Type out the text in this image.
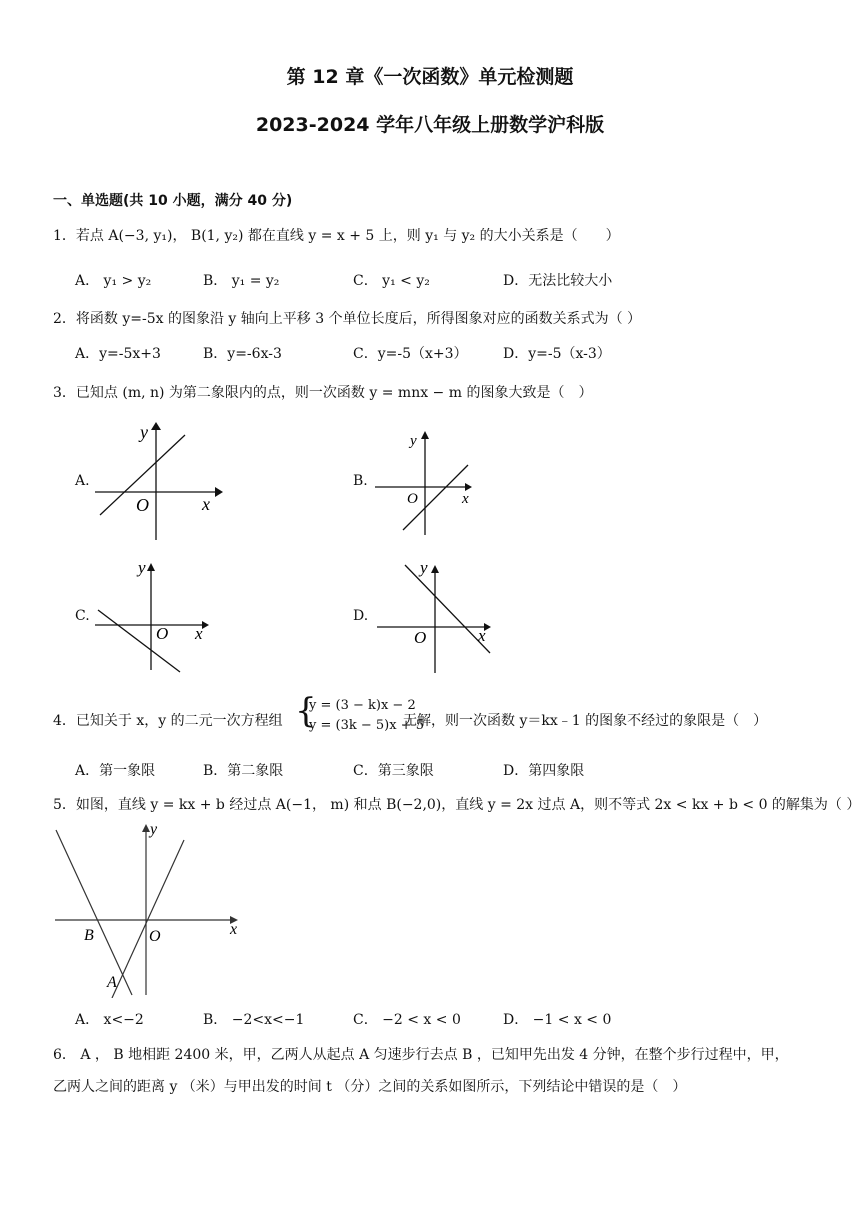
第 12 章《一次函数》单元检测题
2023-2024 学年八年级上册数学沪科版
一、单选题(共 10 小题，满分 40 分)
1．若点 A(−3, y₁)， B(1, y₂) 都在直线 y = x + 5 上，则 y₁ 与 y₂ 的大小关系是（　　）
A． y₁ > y₂	B． y₁ = y₂	C． y₁ < y₂	D．无法比较大小
2．将函数 y=-5x 的图象沿 y 轴向上平移 3 个单位长度后，所得图象对应的函数关系式为（ ）
A．y=-5x+3	B．y=-6x-3	C．y=-5（x+3）	D．y=-5（x-3）
3．已知点 (m, n) 为第二象限内的点，则一次函数 y = mnx − m 的图象大致是（　）
A.
x
y
O
B.
x
y
O
C.
x
y
O
D.
x
y
O
4．已知关于 x，y 的二元一次方程组 {
y = (3 − k)x − 2
y = (3k − 5)x + 5
无解，则一次函数 y＝kx﹣1 的图象不经过的象限是（　）
A．第一象限	B．第二象限	C．第三象限	D．第四象限
5．如图，直线 y = kx + b 经过点 A(−1， m) 和点 B(−2,0)，直线 y = 2x 过点 A，则不等式 2x < kx + b < 0 的解集为（ ）
x
y
O
B
A
A． x<−2	B． −2<x<−1	C． −2 < x < 0	D． −1 < x < 0
6． A ， B 地相距 2400 米，甲，乙两人从起点 A 匀速步行去点 B ，已知甲先出发 4 分钟，在整个步行过程中，甲，
乙两人之间的距离 y （米）与甲出发的时间 t （分）之间的关系如图所示，下列结论中错误的是（　）
